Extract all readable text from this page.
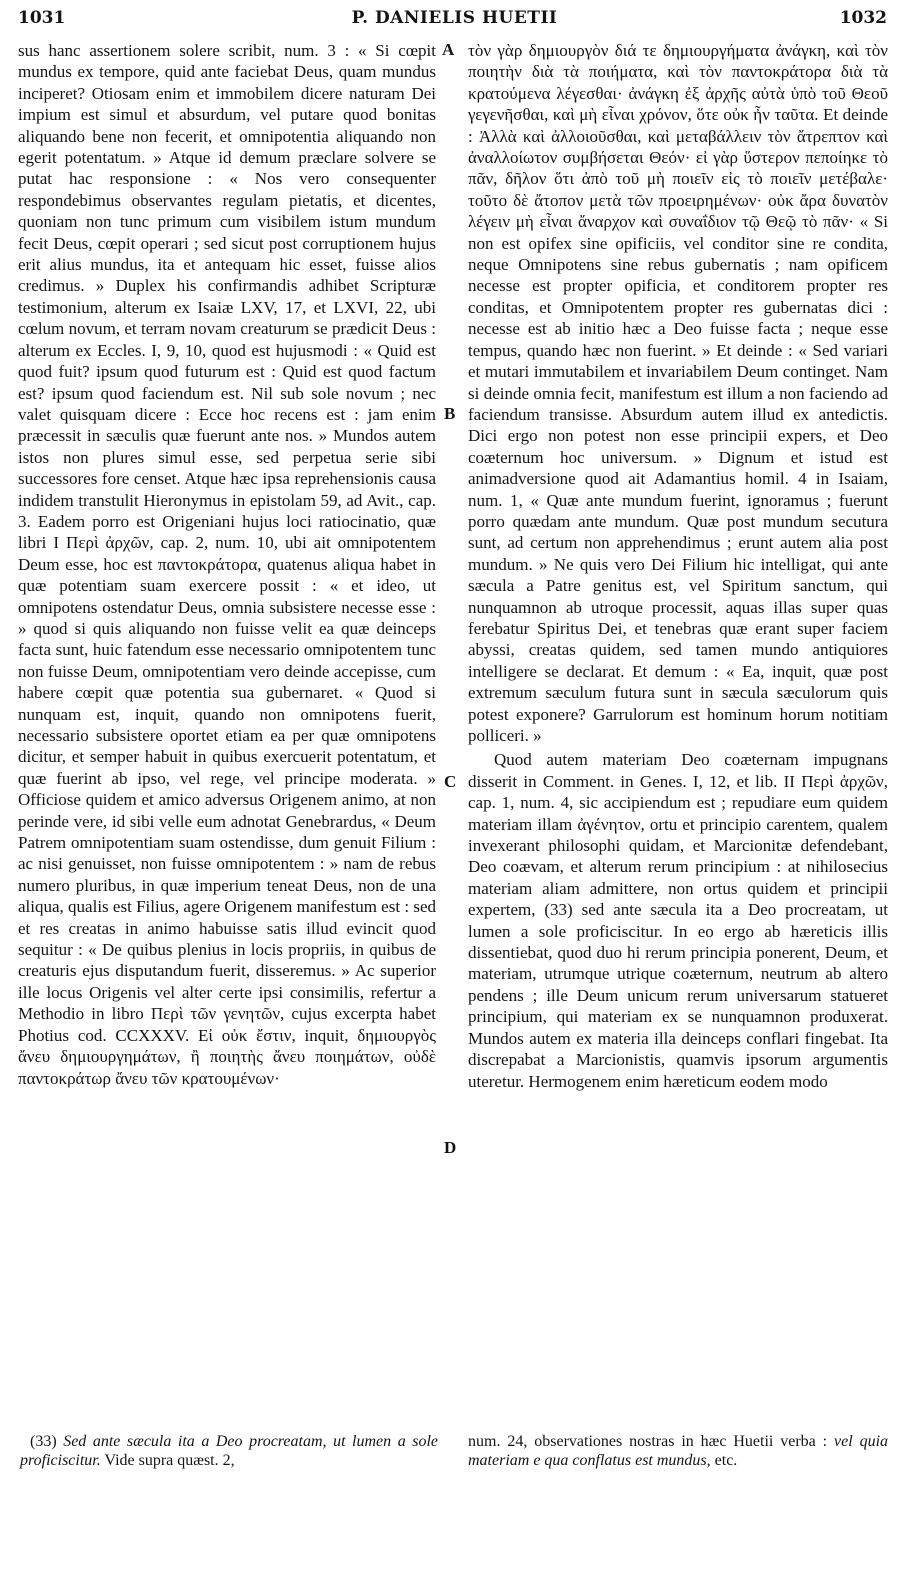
1031	P. DANIELIS HUETII	1032

sus hanc assertionem solere scribit, num. 3 : « Si cœpit mundus ex tempore, quid ante faciebat Deus, quam mundus inciperet? Otiosam enim et immobilem dicere naturam Dei impium est simul et absurdum, vel putare quod bonitas aliquando bene non fecerit, et omnipotentia aliquando non egerit potentatum. » Atque id demum præclare solvere se putat hac responsione : « Nos vero consequenter respondebimus observantes regulam pietatis, et dicentes, quoniam non tunc primum cum visibilem istum mundum fecit Deus, cœpit operari ; sed sicut post corruptionem hujus erit alius mundus, ita et antequam hic esset, fuisse alios credimus. » Duplex his confirmandis adhibet Scripturæ testimonium, alterum ex Isaiæ LXV, 17, et LXVI, 22, ubi cœlum novum, et terram novam creaturum se prædicit Deus : alterum ex Eccles. I, 9, 10, quod est hujusmodi : « Quid est quod fuit? ipsum quod futurum est : Quid est quod factum est? ipsum quod faciendum est. Nil sub sole novum ; nec valet quisquam dicere : Ecce hoc recens est : jam enim præcessit in sæculis quæ fuerunt ante nos. » Mundos autem istos non plures simul esse, sed perpetua serie sibi successores fore censet. Atque hæc ipsa reprehensionis causa indidem transtulit Hieronymus in epistolam 59, ad Avit., cap. 3. Eadem porro est Origeniani hujus loci ratiocinatio, quæ libri I Περὶ ἀρχῶν, cap. 2, num. 10, ubi ait omnipotentem Deum esse, hoc est παντοκράτορα, quatenus aliqua habet in quæ potentiam suam exercere possit : « et ideo, ut omnipotens ostendatur Deus, omnia subsistere necesse esse : » quod si quis aliquando non fuisse velit ea quæ deinceps facta sunt, huic fatendum esse necessario omnipotentem tunc non fuisse Deum, omnipotentiam vero deinde accepisse, cum habere cœpit quæ potentia sua gubernaret. « Quod si nunquam est, inquit, quando non omnipotens fuerit, necessario subsistere oportet etiam ea per quæ omnipotens dicitur, et semper habuit in quibus exercuerit potentatum, et quæ fuerint ab ipso, vel rege, vel principe moderata. » Officiose quidem et amico adversus Origenem animo, at non perinde vere, id sibi velle eum adnotat Genebrardus, « Deum Patrem omnipotentiam suam ostendisse, dum genuit Filium : ac nisi genuisset, non fuisse omnipotentem : » nam de rebus numero pluribus, in quæ imperium teneat Deus, non de una aliqua, qualis est Filius, agere Origenem manifestum est : sed et res creatas in animo habuisse satis illud evincit quod sequitur : « De quibus plenius in locis propriis, in quibus de creaturis ejus disputandum fuerit, disseremus. » Ac superior ille locus Origenis vel alter certe ipsi consimilis, refertur a Methodio in libro Περὶ τῶν γενητῶν, cujus excerpta habet Photius cod. CCXXXV. Εἰ οὐκ ἔστιν, inquit, δημιουργὸς ἄνευ δημιουργημάτων, ἢ ποιητὴς ἄνευ ποιημάτων, οὐδὲ παντοκράτωρ ἄνευ τῶν κρατουμένων·

A
B
C
D

τὸν γὰρ δημιουργὸν διά τε δημιουργήματα ἀνάγκη, καὶ τὸν ποιητὴν διὰ τὰ ποιήματα, καὶ τὸν παντοκράτορα διὰ τὰ κρατούμενα λέγεσθαι· ἀνάγκη ἐξ ἀρχῆς αὐτὰ ὑπὸ τοῦ Θεοῦ γεγενῆσθαι, καὶ μὴ εἶναι χρόνον, ὅτε οὐκ ἦν ταῦτα. Et deinde : Ἀλλὰ καὶ ἀλλοιοῦσθαι, καὶ μεταβάλλειν τὸν ἄτρεπτον καὶ ἀναλλοίωτον συμβήσεται Θεόν· εἰ γὰρ ὕστερον πεποίηκε τὸ πᾶν, δῆλον ὅτι ἀπὸ τοῦ μὴ ποιεῖν εἰς τὸ ποιεῖν μετέβαλε· τοῦτο δὲ ἄτοπον μετὰ τῶν προειρημένων· οὐκ ἄρα δυνατὸν λέγειν μὴ εἶναι ἄναρχον καὶ συναΐδιον τῷ Θεῷ τὸ πᾶν· « Si non est opifex sine opificiis, vel conditor sine re condita, neque Omnipotens sine rebus gubernatis ; nam opificem necesse est propter opificia, et conditorem propter res conditas, et Omnipotentem propter res gubernatas dici : necesse est ab initio hæc a Deo fuisse facta ; neque esse tempus, quando hæc non fuerint. » Et deinde : « Sed variari et mutari immutabilem et invariabilem Deum continget. Nam si deinde omnia fecit, manifestum est illum a non faciendo ad faciendum transisse. Absurdum autem illud ex antedictis. Dici ergo non potest non esse principii expers, et Deo coæternum hoc universum. » Dignum et istud est animadversione quod ait Adamantius homil. 4 in Isaiam, num. 1, « Quæ ante mundum fuerint, ignoramus ; fuerunt porro quædam ante mundum. Quæ post mundum secutura sunt, ad certum non apprehendimus ; erunt autem alia post mundum. » Ne quis vero Dei Filium hic intelligat, qui ante sæcula a Patre genitus est, vel Spiritum sanctum, qui nunquamnon ab utroque processit, aquas illas super quas ferebatur Spiritus Dei, et tenebras quæ erant super faciem abyssi, creatas quidem, sed tamen mundo antiquiores intelligere se declarat. Et demum : « Ea, inquit, quæ post extremum sæculum futura sunt in sæcula sæculorum quis potest exponere? Garrulorum est hominum horum notitiam polliceri. »

Quod autem materiam Deo coæternam impugnans disserit in Comment. in Genes. I, 12, et lib. II Περὶ ἀρχῶν, cap. 1, num. 4, sic accipiendum est ; repudiare eum quidem materiam illam ἀγένητον, ortu et principio carentem, qualem invexerant philosophi quidam, et Marcionitæ defendebant, Deo coævam, et alterum rerum principium : at nihilosecius materiam aliam admittere, non ortus quidem et principii expertem, (33) sed ante sæcula ita a Deo procreatam, ut lumen a sole proficiscitur. In eo ergo ab hæreticis illis dissentiebat, quod duo hi rerum principia ponerent, Deum, et materiam, utrumque utrique coæternum, neutrum ab altero pendens ; ille Deum unicum rerum universarum statueret principium, qui materiam ex se nunquamnon produxerat. Mundos autem ex materia illa deinceps conflari fingebat. Ita discrepabat a Marcionistis, quamvis ipsorum argumentis uteretur. Hermogenem enim hæreticum eodem modo

(33) Sed ante sæcula ita a Deo procreatam, ut lumen a sole proficiscitur. Vide supra quæst. 2,
num. 24, observationes nostras in hæc Huetii verba : vel quia materiam e qua conflatus est mundus, etc.
